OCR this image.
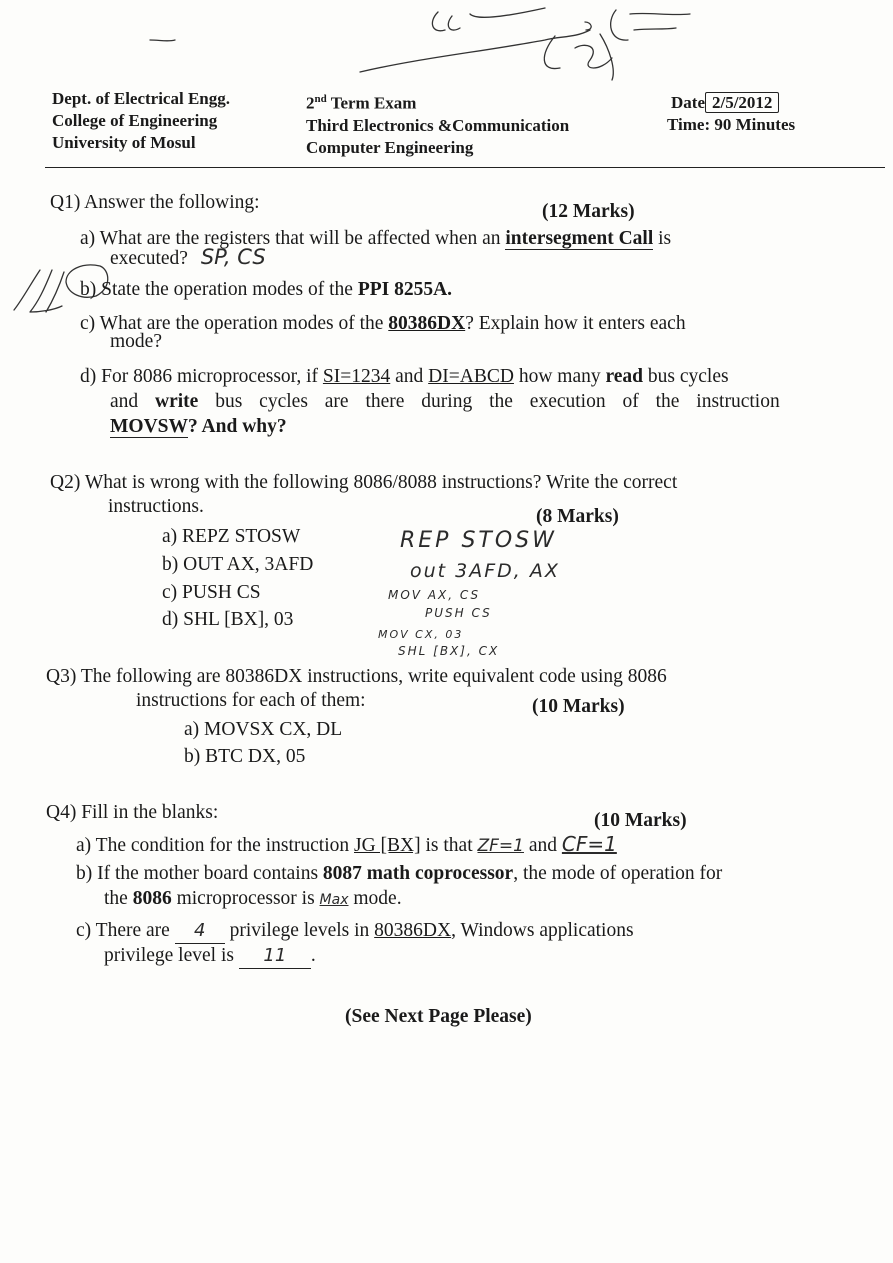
Dept. of Electrical Engg.
College of Engineering
University of Mosul
2nd Term Exam
Third Electronics &Communication
Computer Engineering
Date 2/5/2012
Time: 90 Minutes
Q1) Answer the following:	(12 Marks)
a) What are the registers that will be affected when an intersegment Call is
executed? SP, CS
b) State the operation modes of the PPI 8255A.
c) What are the operation modes of the 80386DX? Explain how it enters each
mode?
d) For 8086 microprocessor, if SI=1234 and DI=ABCD how many read bus cycles
and write bus cycles are there during the execution of the instruction
MOVSW? And why?
Q2) What is wrong with the following 8086/8088 instructions? Write the correct
instructions.	(8 Marks)
a) REPZ STOSW
b) OUT AX, 3AFD
c) PUSH CS
d) SHL [BX], 03
REP STOSW
out 3AFD, AX
MOV AX, CS
PUSH CS
MOV CX, 03
SHL [BX], CX
Q3) The following are 80386DX instructions, write equivalent code using 8086
instructions for each of them:	(10 Marks)
a) MOVSX CX, DL
b) BTC DX, 05
Q4) Fill in the blanks:	(10 Marks)
a) The condition for the instruction JG [BX] is that ZF=1 and CF=1
b) If the mother board contains 8087 math coprocessor, the mode of operation for
the 8086 microprocessor is Max mode.
c) There are 4 privilege levels in 80386DX, Windows applications
privilege level is 11 .
(See Next Page Please)
